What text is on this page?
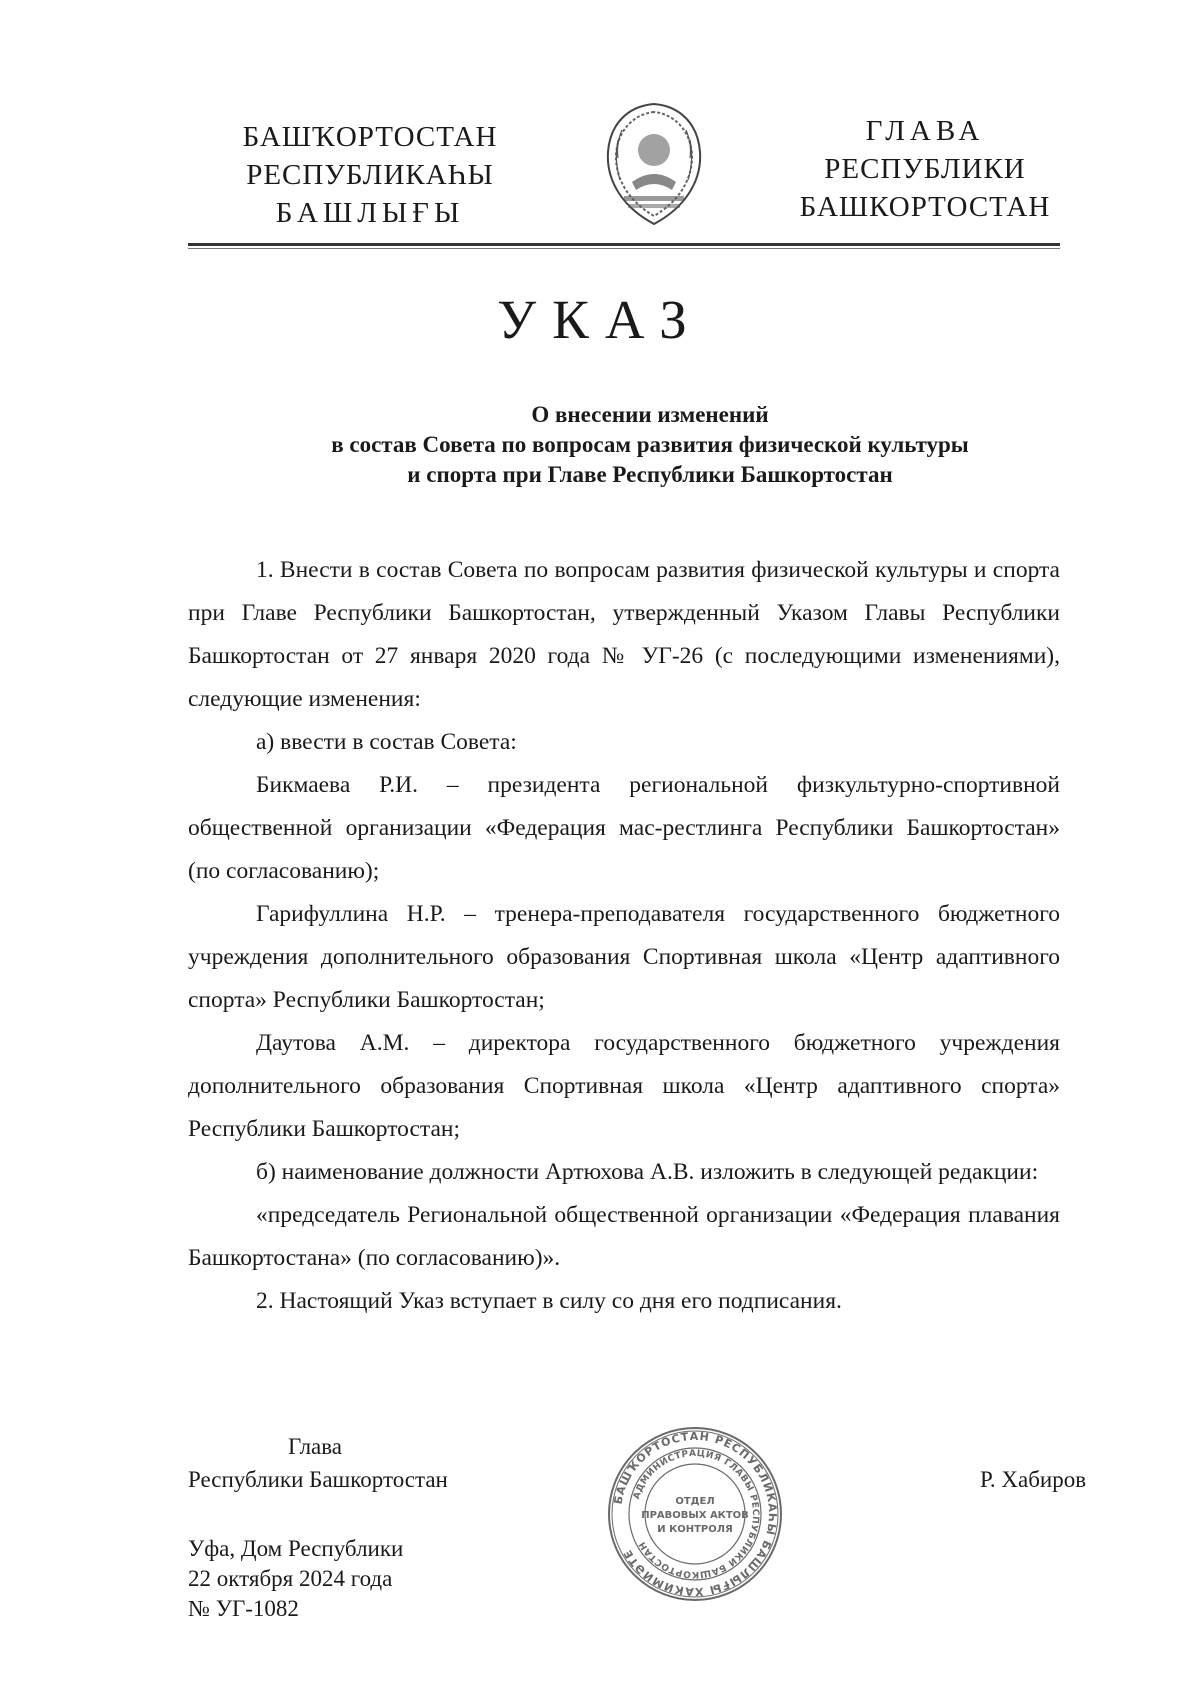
БАШҠОРТОСТАН
РЕСПУБЛИКАҺЫ
БАШЛЫҒЫ
ГЛАВА
РЕСПУБЛИКИ
БАШКОРТОСТАН
УКАЗ
О внесении изменений
в состав Совета по вопросам развития физической культуры
и спорта при Главе Республики Башкортостан

1. Внести в состав Совета по вопросам развития физической культуры и спорта при Главе Республики Башкортостан, утвержденный Указом Главы Республики Башкортостан от 27 января 2020 года № УГ-26 (с последующими изменениями), следующие изменения:

а) ввести в состав Совета:

Бикмаева Р.И. – президента региональной физкультурно-спортивной общественной организации «Федерация мас-рестлинга Республики Башкортостан» (по согласованию);

Гарифуллина Н.Р. – тренера-преподавателя государственного бюджетного учреждения дополнительного образования Спортивная школа «Центр адаптивного спорта» Республики Башкортостан;

Даутова А.М. – директора государственного бюджетного учреждения дополнительного образования Спортивная школа «Центр адаптивного спорта» Республики Башкортостан;

б) наименование должности Артюхова А.В. изложить в следующей редакции:

«председатель Региональной общественной организации «Федерация плавания Башкортостана» (по согласованию)».

2. Настоящий Указ вступает в силу со дня его подписания.

Глава
Республики Башкортостан
БАШҠОРТОСТАН РЕСПУБЛИКАҺЫ БАШЛЫҒЫ ХАКИМИӘТЕ
АДМИНИСТРАЦИЯ ГЛАВЫ РЕСПУБЛИКИ БАШКОРТОСТАН
ОТДЕЛ
ПРАВОВЫХ АКТОВ
И КОНТРОЛЯ
Р. Хабиров
Уфа, Дом Республики
22 октября 2024 года
№ УГ-1082
